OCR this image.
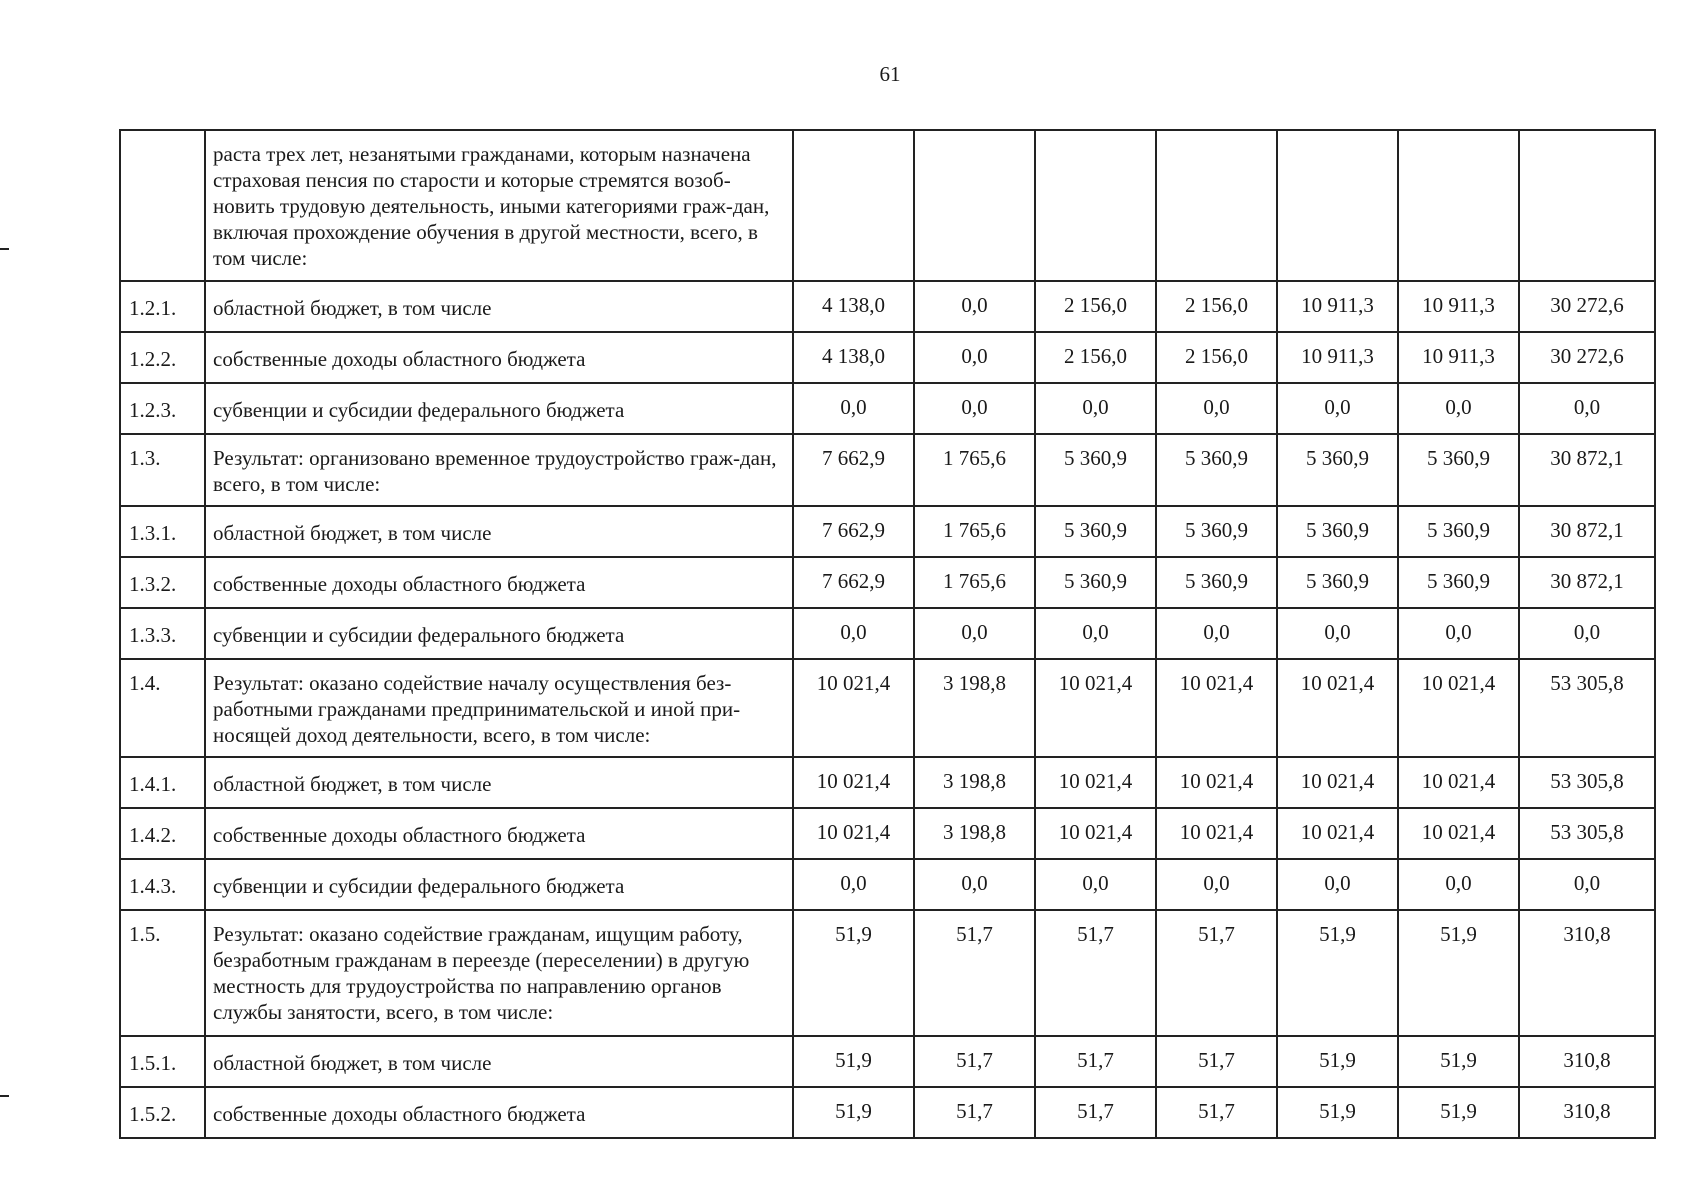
61
	раста трех лет, незанятыми гражданами, которым назначена страховая пенсия по старости и которые стремятся возоб-новить трудовую деятельность, иными категориями граж-дан, включая прохождение обучения в другой местности, всего, в том числе:							
1.2.1.	областной бюджет, в том числе	4 138,0	0,0	2 156,0	2 156,0	10 911,3	10 911,3	30 272,6
1.2.2.	собственные доходы областного бюджета	4 138,0	0,0	2 156,0	2 156,0	10 911,3	10 911,3	30 272,6
1.2.3.	субвенции и субсидии федерального бюджета	0,0	0,0	0,0	0,0	0,0	0,0	0,0
1.3.	Результат: организовано временное трудоустройство граж-дан, всего, в том числе:	7 662,9	1 765,6	5 360,9	5 360,9	5 360,9	5 360,9	30 872,1
1.3.1.	областной бюджет, в том числе	7 662,9	1 765,6	5 360,9	5 360,9	5 360,9	5 360,9	30 872,1
1.3.2.	собственные доходы областного бюджета	7 662,9	1 765,6	5 360,9	5 360,9	5 360,9	5 360,9	30 872,1
1.3.3.	субвенции и субсидии федерального бюджета	0,0	0,0	0,0	0,0	0,0	0,0	0,0
1.4.	Результат: оказано содействие началу осуществления без-работными гражданами предпринимательской и иной при-носящей доход деятельности, всего, в том числе:	10 021,4	3 198,8	10 021,4	10 021,4	10 021,4	10 021,4	53 305,8
1.4.1.	областной бюджет, в том числе	10 021,4	3 198,8	10 021,4	10 021,4	10 021,4	10 021,4	53 305,8
1.4.2.	собственные доходы областного бюджета	10 021,4	3 198,8	10 021,4	10 021,4	10 021,4	10 021,4	53 305,8
1.4.3.	субвенции и субсидии федерального бюджета	0,0	0,0	0,0	0,0	0,0	0,0	0,0
1.5.	Результат: оказано содействие гражданам, ищущим работу, безработным гражданам в переезде (переселении) в другую местность для трудоустройства по направлению органов службы занятости, всего, в том числе:	51,9	51,7	51,7	51,7	51,9	51,9	310,8
1.5.1.	областной бюджет, в том числе	51,9	51,7	51,7	51,7	51,9	51,9	310,8
1.5.2.	собственные доходы областного бюджета	51,9	51,7	51,7	51,7	51,9	51,9	310,8
